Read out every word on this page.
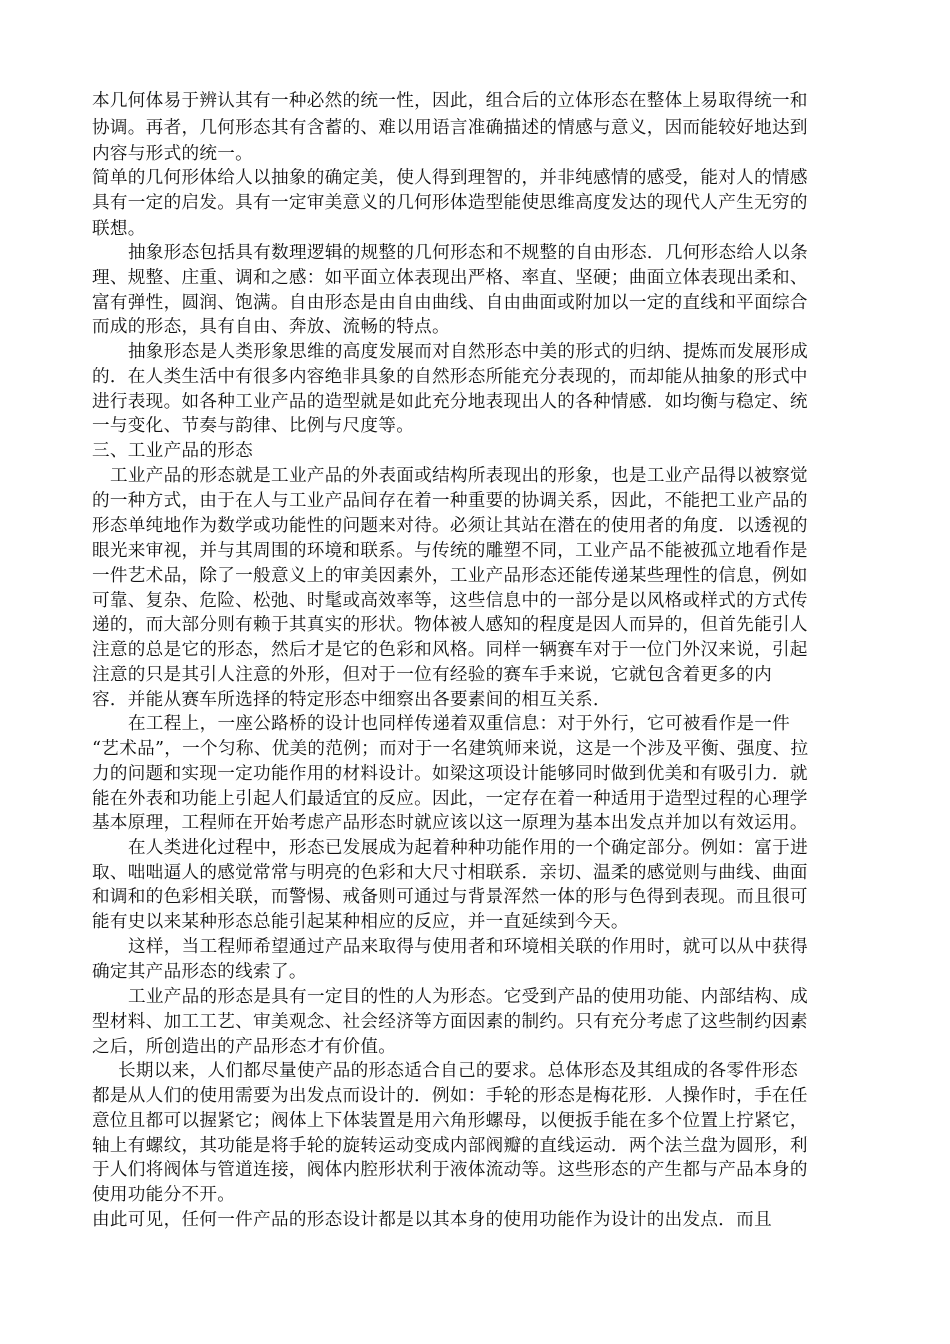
本几何体易于辨认其有一种必然的统一性，因此，组合后的立体形态在整体上易取得统一和

协调。再者，几何形态其有含蓄的、难以用语言准确描述的情感与意义，因而能较好地达到

内容与形式的统一。

简单的几何形体给人以抽象的确定美，使人得到理智的，并非纯感情的感受，能对人的情感

具有一定的启发。具有一定审美意义的几何形体造型能使思维高度发达的现代人产生无穷的

联想。

抽象形态包括具有数理逻辑的规整的几何形态和不规整的自由形态．几何形态给人以条

理、规整、庄重、调和之感：如平面立体表现出严格、率直、坚硬；曲面立体表现出柔和、

富有弹性，圆润、饱满。自由形态是由自由曲线、自由曲面或附加以一定的直线和平面综合

而成的形态，具有自由、奔放、流畅的特点。

抽象形态是人类形象思维的高度发展而对自然形态中美的形式的归纳、提炼而发展形成

的．在人类生活中有很多内容绝非具象的自然形态所能充分表现的，而却能从抽象的形式中

进行表现。如各种工业产品的造型就是如此充分地表现出人的各种情感．如均衡与稳定、统

一与变化、节奏与韵律、比例与尺度等。

三、工业产品的形态

工业产品的形态就是工业产品的外表面或结构所表现出的形象，也是工业产品得以被察觉

的一种方式，由于在人与工业产品间存在着一种重要的协调关系，因此，不能把工业产品的

形态单纯地作为数学或功能性的问题来对待。必须让其站在潜在的使用者的角度．以透视的

眼光来审视，并与其周围的环境和联系。与传统的雕塑不同，工业产品不能被孤立地看作是

一件艺术品，除了一般意义上的审美因素外，工业产品形态还能传递某些理性的信息，例如

可靠、复杂、危险、松弛、时髦或高效率等，这些信息中的一部分是以风格或样式的方式传

递的，而大部分则有赖于其真实的形状。物体被人感知的程度是因人而异的，但首先能引人

注意的总是它的形态，然后才是它的色彩和风格。同样一辆赛车对于一位门外汉来说，引起

注意的只是其引人注意的外形，但对于一位有经验的赛车手来说，它就包含着更多的内

容．并能从赛车所选择的特定形态中细察出各要素间的相互关系．

在工程上，一座公路桥的设计也同样传递着双重信息：对于外行，它可被看作是一件

“艺术品”，一个匀称、优美的范例；而对于一名建筑师来说，这是一个涉及平衡、强度、拉

力的问题和实现一定功能作用的材料设计。如梁这项设计能够同时做到优美和有吸引力．就

能在外表和功能上引起人们最适宜的反应。因此，一定存在着一种适用于造型过程的心理学

基本原理，工程师在开始考虑产品形态时就应该以这一原理为基本出发点并加以有效运用。

在人类进化过程中，形态已发展成为起着种种功能作用的一个确定部分。例如：富于进

取、咄咄逼人的感觉常常与明亮的色彩和大尺寸相联系．亲切、温柔的感觉则与曲线、曲面

和调和的色彩相关联，而警惕、戒备则可通过与背景浑然一体的形与色得到表现。而且很可

能有史以来某种形态总能引起某种相应的反应，并一直延续到今天。

这样，当工程师希望通过产品来取得与使用者和环境相关联的作用时，就可以从中获得

确定其产品形态的线索了。

工业产品的形态是具有一定目的性的人为形态。它受到产品的使用功能、内部结构、成

型材料、加工工艺、审美观念、社会经济等方面因素的制约。只有充分考虑了这些制约因素

之后，所创造出的产品形态才有价值。

长期以来，人们都尽量使产品的形态适合自己的要求。总体形态及其组成的各零件形态

都是从人们的使用需要为出发点而设计的．例如：手轮的形态是梅花形．人操作时，手在任

意位且都可以握紧它；阀体上下体装置是用六角形螺母，以便扳手能在多个位置上拧紧它，

轴上有螺纹，其功能是将手轮的旋转运动变成内部阀瓣的直线运动．两个法兰盘为圆形，利

于人们将阀体与管道连接，阀体内腔形状利于液体流动等。这些形态的产生都与产品本身的

使用功能分不开。

由此可见，任何一件产品的形态设计都是以其本身的使用功能作为设计的出发点．而且
